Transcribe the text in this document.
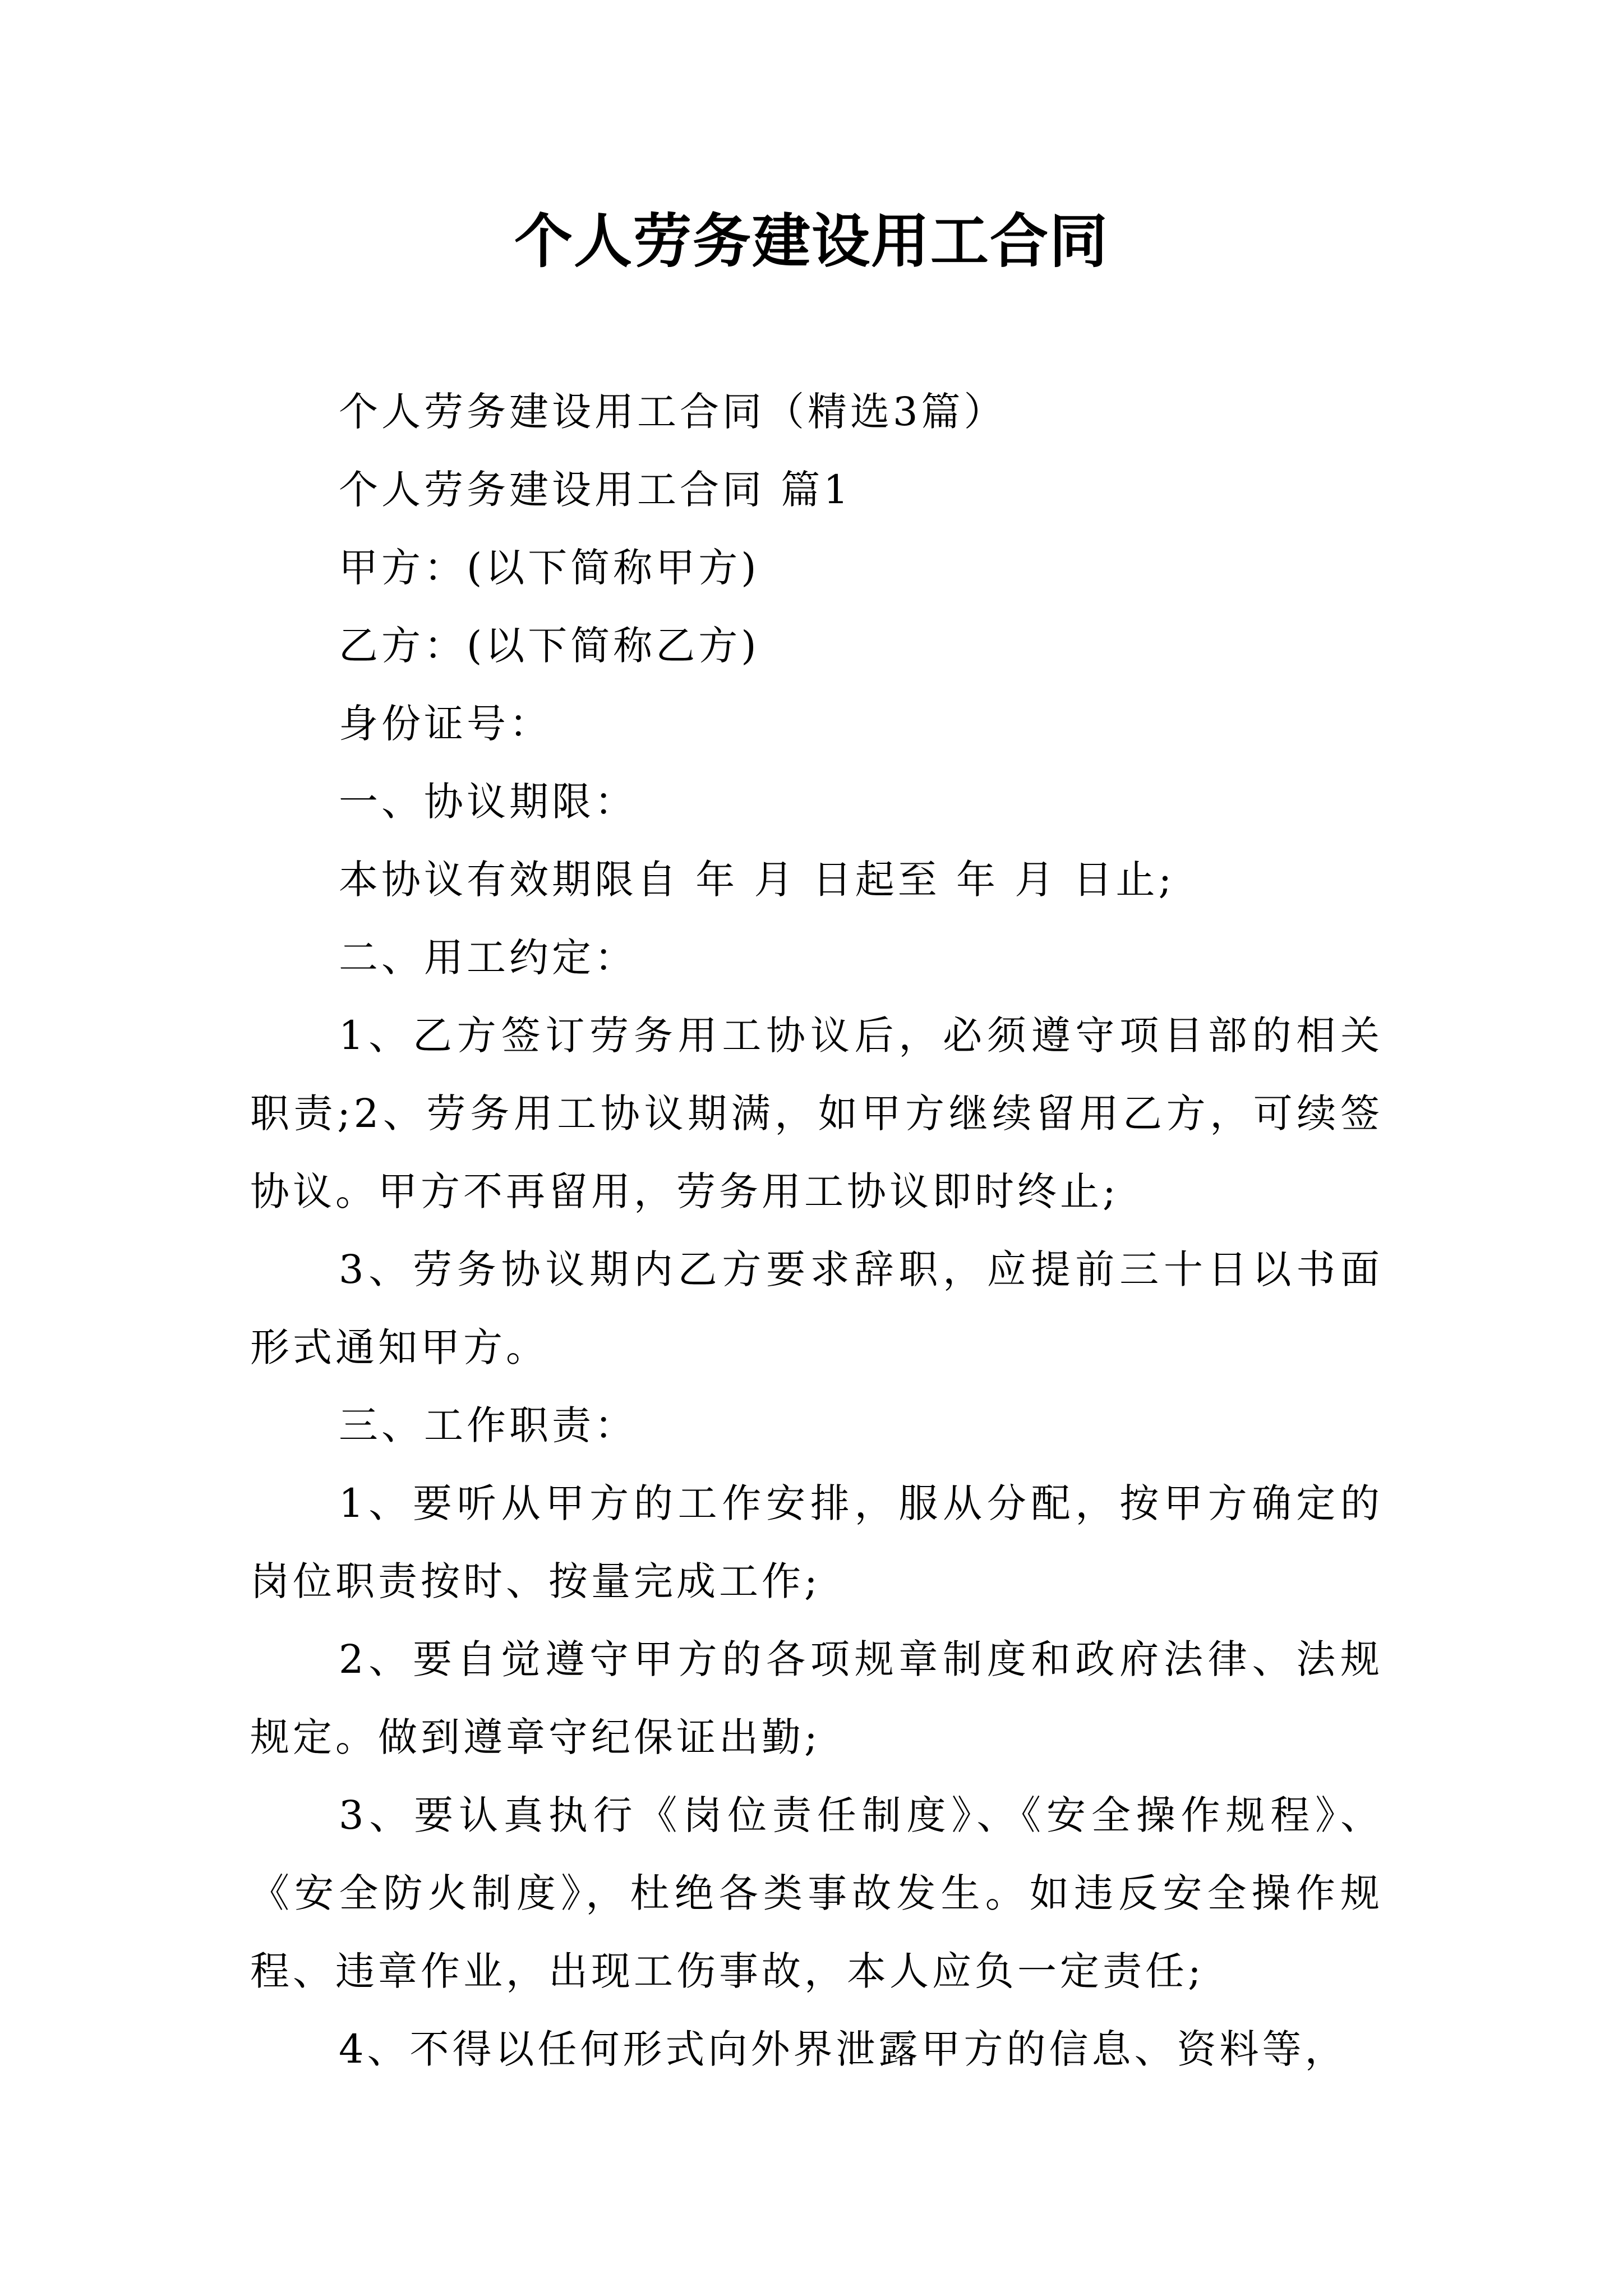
个人劳务建设用工合同

个人劳务建设用工合同（精选3篇）

个人劳务建设用工合同 篇1

甲方：(以下简称甲方)

乙方：(以下简称乙方)

身份证号：

一、协议期限：

本协议有效期限自 年 月 日起至 年 月 日止;

二、用工约定：

1、乙方签订劳务用工协议后，必须遵守项目部的相关职责;2、劳务用工协议期满，如甲方继续留用乙方，可续签协议。甲方不再留用，劳务用工协议即时终止;

3、劳务协议期内乙方要求辞职，应提前三十日以书面形式通知甲方。

三、工作职责：

1、要听从甲方的工作安排，服从分配，按甲方确定的岗位职责按时、按量完成工作;

2、要自觉遵守甲方的各项规章制度和政府法律、法规规定。做到遵章守纪保证出勤;

3、要认真执行《岗位责任制度》、《安全操作规程》、《安全防火制度》，杜绝各类事故发生。如违反安全操作规程、违章作业，出现工伤事故，本人应负一定责任;

4、不得以任何形式向外界泄露甲方的信息、资料等，
